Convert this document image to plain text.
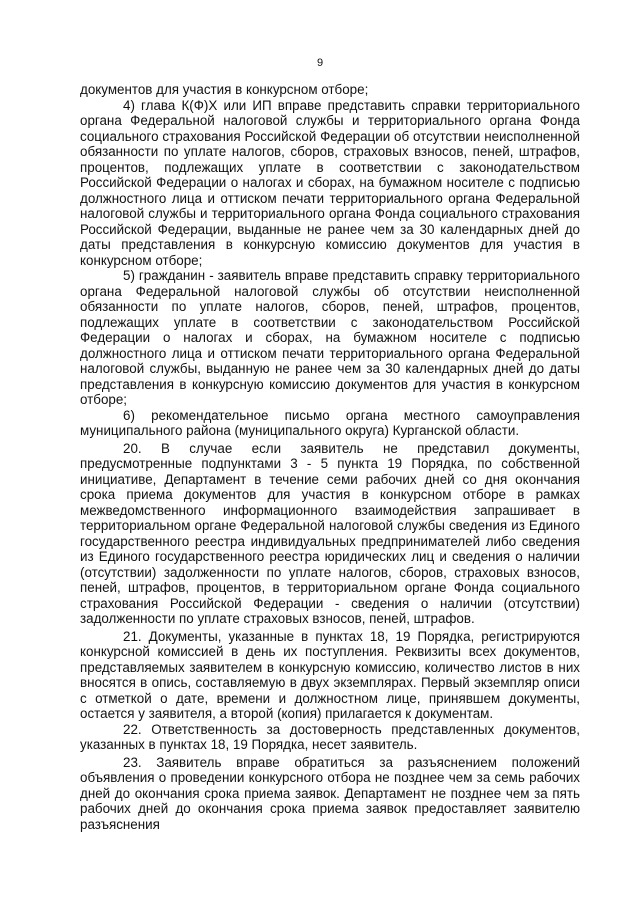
9

документов для участия в конкурсном отборе;

4) глава К(Ф)Х или ИП вправе представить справки территориального органа Федеральной налоговой службы и территориального органа Фонда социального страхования Российской Федерации об отсутствии неисполненной обязанности по уплате налогов, сборов, страховых взносов, пеней, штрафов, процентов, подлежащих уплате в соответствии с законодательством Российской Федерации о налогах и сборах, на бумажном носителе с подписью должностного лица и оттиском печати территориального органа Федеральной налоговой службы и территориального органа Фонда социального страхования Российской Федерации, выданные не ранее чем за 30 календарных дней до даты представления в конкурсную комиссию документов для участия в конкурсном отборе;

5) гражданин - заявитель вправе представить справку территориального органа Федеральной налоговой службы об отсутствии неисполненной обязанности по уплате налогов, сборов, пеней, штрафов, процентов, подлежащих уплате в соответствии с законодательством Российской Федерации о налогах и сборах, на бумажном носителе с подписью должностного лица и оттиском печати территориального органа Федеральной налоговой службы, выданную не ранее чем за 30 календарных дней до даты представления в конкурсную комиссию документов для участия в конкурсном отборе;

6) рекомендательное письмо органа местного самоуправления муниципального района (муниципального округа) Курганской области.

20. В случае если заявитель не представил документы, предусмотренные подпунктами 3 - 5 пункта 19 Порядка, по собственной инициативе, Департамент в течение семи рабочих дней со дня окончания срока приема документов для участия в конкурсном отборе в рамках межведомственного информационного взаимодействия запрашивает в территориальном органе Федеральной налоговой службы сведения из Единого государственного реестра индивидуальных предпринимателей либо сведения из Единого государственного реестра юридических лиц и сведения о наличии (отсутствии) задолженности по уплате налогов, сборов, страховых взносов, пеней, штрафов, процентов, в территориальном органе Фонда социального страхования Российской Федерации - сведения о наличии (отсутствии) задолженности по уплате страховых взносов, пеней, штрафов.

21. Документы, указанные в пунктах 18, 19 Порядка, регистрируются конкурсной комиссией в день их поступления. Реквизиты всех документов, представляемых заявителем в конкурсную комиссию, количество листов в них вносятся в опись, составляемую в двух экземплярах. Первый экземпляр описи с отметкой о дате, времени и должностном лице, принявшем документы, остается у заявителя, а второй (копия) прилагается к документам.

22. Ответственность за достоверность представленных документов, указанных в пунктах 18, 19 Порядка, несет заявитель.

23. Заявитель вправе обратиться за разъяснением положений объявления о проведении конкурсного отбора не позднее чем за семь рабочих дней до окончания срока приема заявок. Департамент не позднее чем за пять рабочих дней до окончания срока приема заявок предоставляет заявителю разъяснения
